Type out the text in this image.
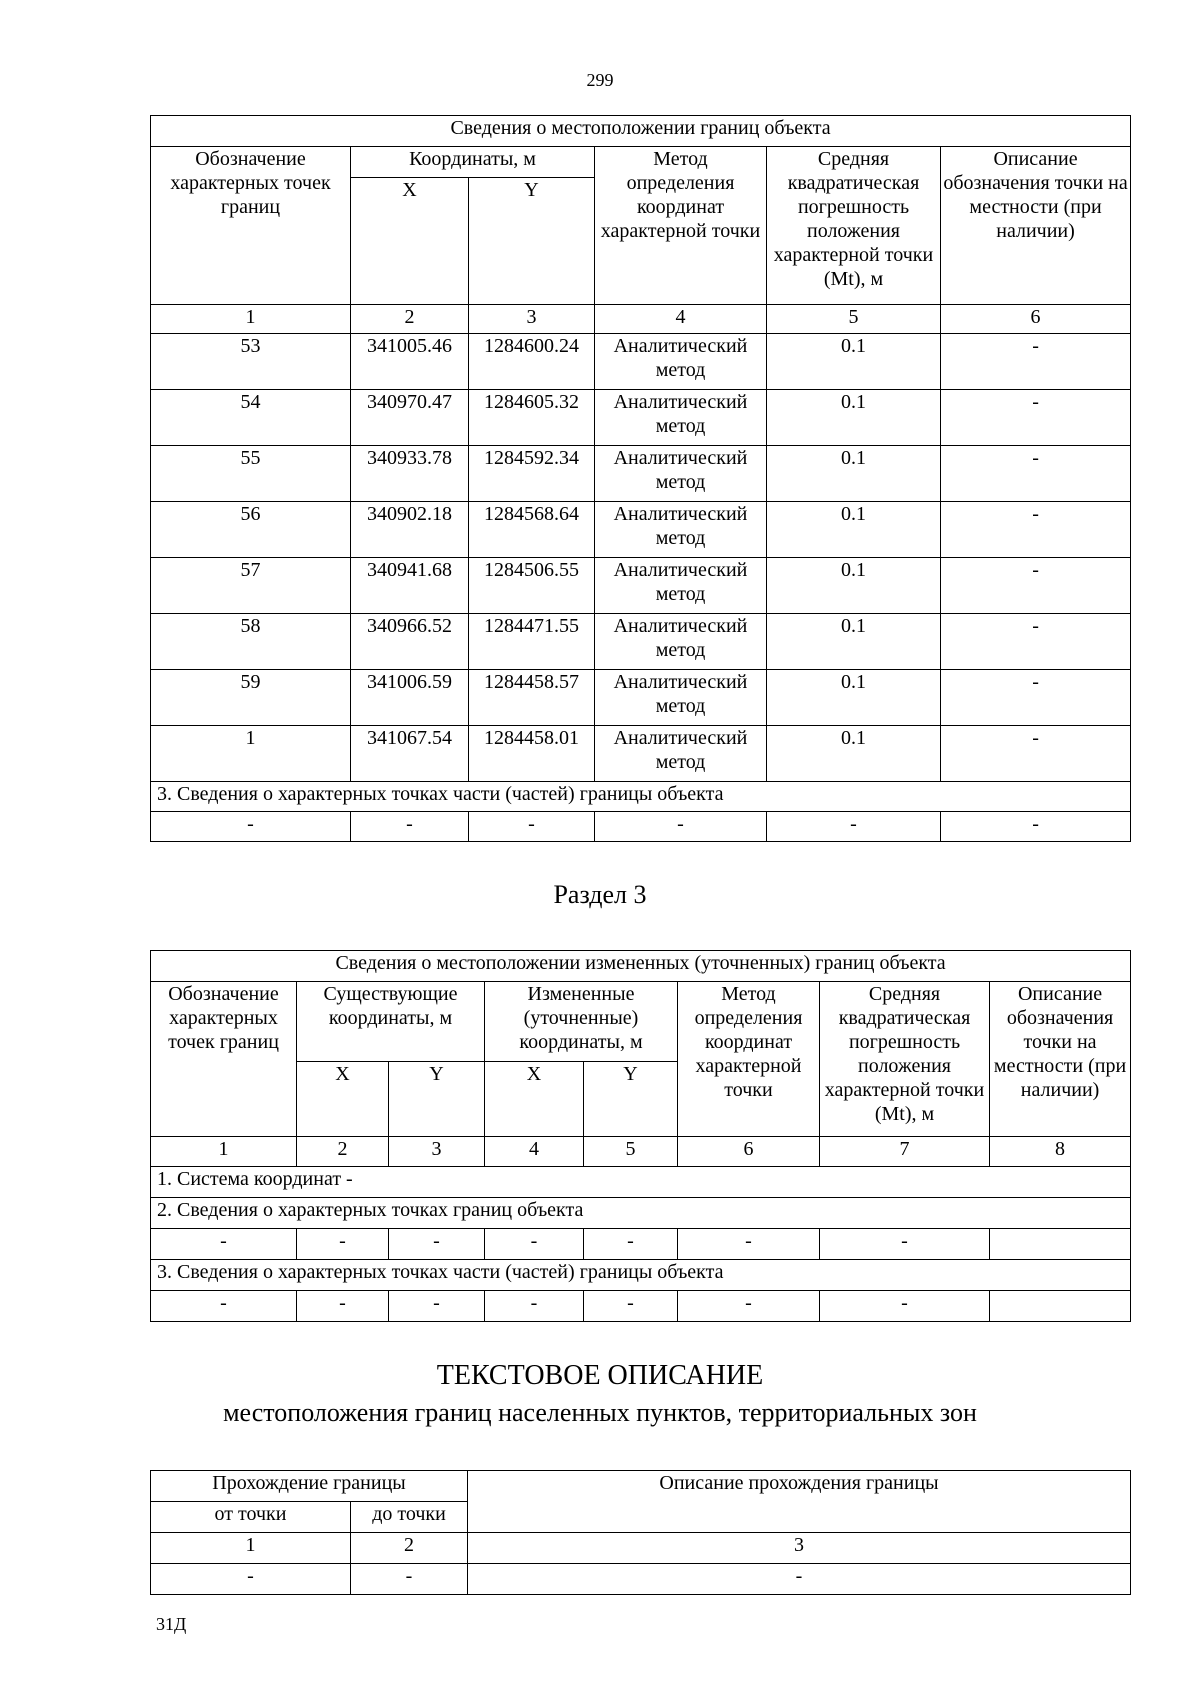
299
Сведения о местоположении границ объекта					
Обозначение характерных точек границ	Координаты, м		Метод определения координат характерной точки	Средняя квадратическая погрешность положения характерной точки (Mt), м	Описание обозначения точки на местности (при наличии)
	X	Y			
1	2	3	4	5	6
53	341005.46	1284600.24	Аналитический метод	0.1	-
54	340970.47	1284605.32	Аналитический метод	0.1	-
55	340933.78	1284592.34	Аналитический метод	0.1	-
56	340902.18	1284568.64	Аналитический метод	0.1	-
57	340941.68	1284506.55	Аналитический метод	0.1	-
58	340966.52	1284471.55	Аналитический метод	0.1	-
59	341006.59	1284458.57	Аналитический метод	0.1	-
1	341067.54	1284458.01	Аналитический метод	0.1	-
3. Сведения о характерных точках части (частей) границы объекта					
-	-	-	-	-	-
Раздел 3
Сведения о местоположении измененных (уточненных) границ объекта							
Обозначение характерных точек границ	Существующие координаты, м		Измененные (уточненные) координаты, м		Метод определения координат характерной точки	Средняя квадратическая погрешность положения характерной точки (Mt), м	Описание обозначения точки на местности (при наличии)
	X	Y	X	Y			
1	2	3	4	5	6	7	8
1. Система координат -							
2. Сведения о характерных точках границ объекта							
-	-	-	-	-	-	-	
3. Сведения о характерных точках части (частей) границы объекта							
-	-	-	-	-	-	-	
ТЕКСТОВОЕ ОПИСАНИЕ
местоположения границ населенных пунктов, территориальных зон
Прохождение границы		Описание прохождения границы
от точки	до точки	
1	2	3
-	-	-
31Д
